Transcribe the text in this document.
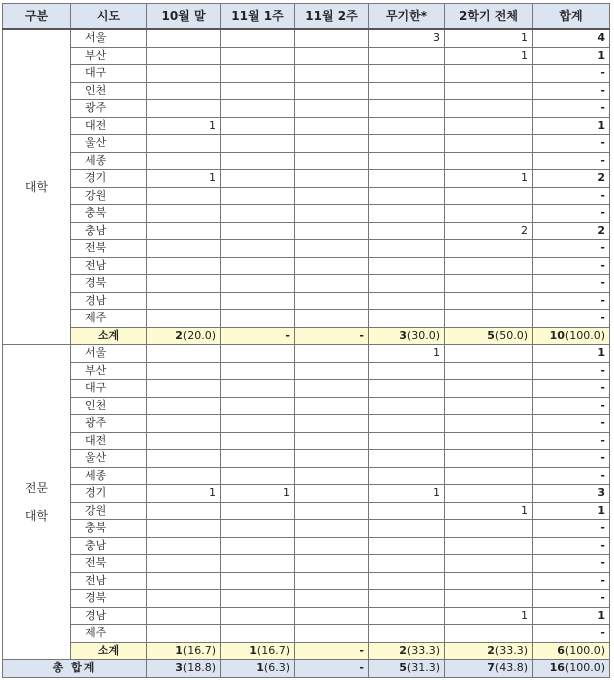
구분	시도	10월 말	11월 1주	11월 2주	무기한*	2학기 전체	합계

대학	서울				3	1	4
	부산					1	1
	대구						-
	인천						-
	광주						-
	대전	1					1
	울산						-
	세종						-
	경기	1				1	2
	강원						-
	충북						-
	충남					2	2
	전북						-
	전남						-
	경북						-
	경남						-
	제주						-
	소계	2(20.0)	-	-	3(30.0)	5(50.0)	10(100.0)

전문
대학	서울				1		1
	부산						-
	대구						-
	인천						-
	광주						-
	대전						-
	울산						-
	세종						-
	경기	1	1		1		3
	강원					1	1
	충북						-
	충남						-
	전북						-
	전남						-
	경북						-
	경남					1	1
	제주						-
	소계	1(16.7)	1(16.7)	-	2(33.3)	2(33.3)	6(100.0)
총 합계		3(18.8)	1(6.3)	-	5(31.3)	7(43.8)	16(100.0)
